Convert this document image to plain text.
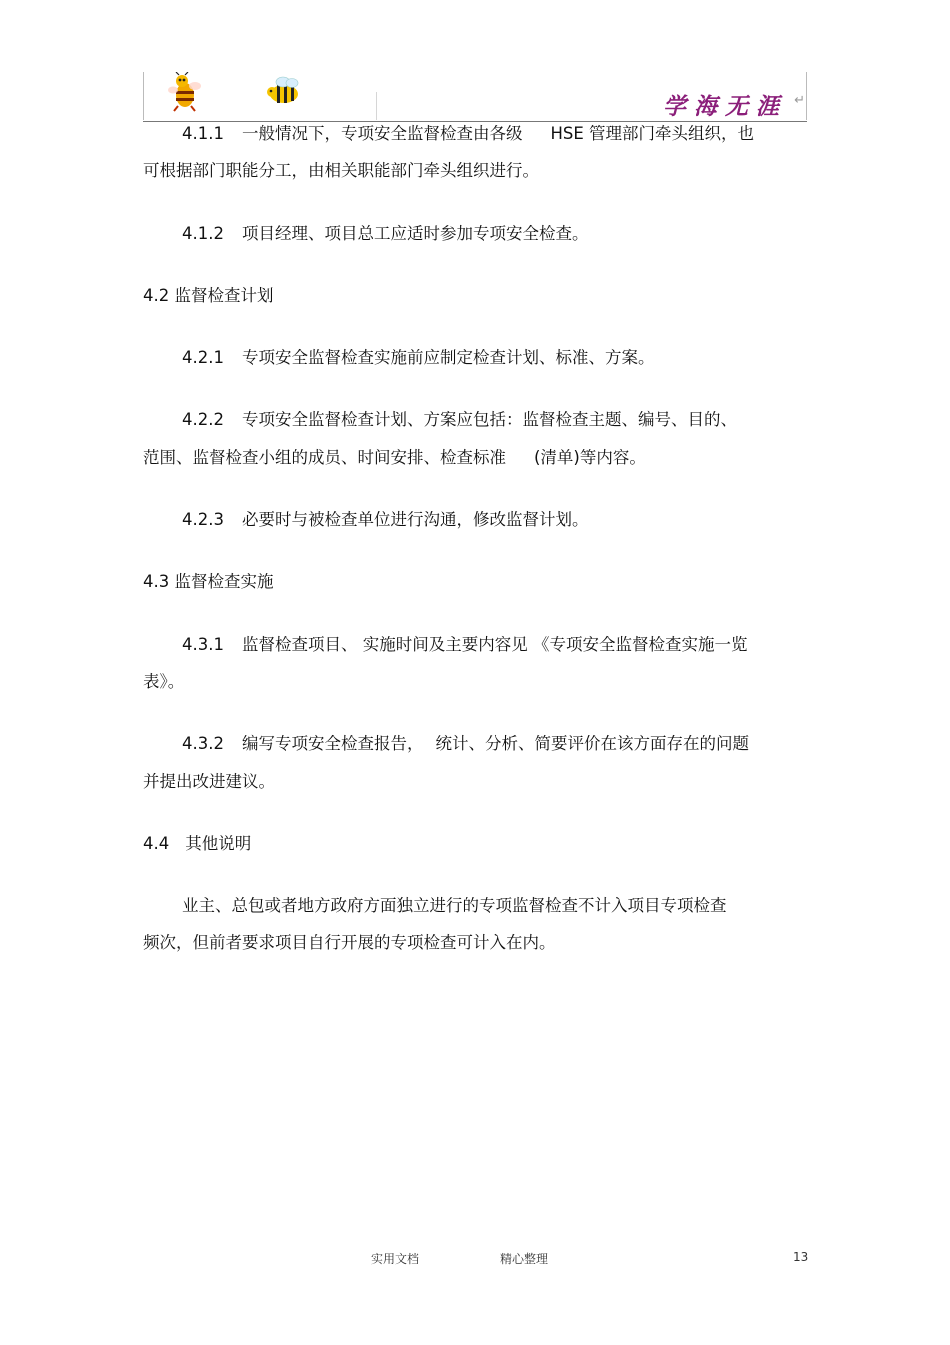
学海无涯 ↵
4.1.1 一般情况下，专项安全监督检查由各级 HSE 管理部门牵头组织，也
可根据部门职能分工，由相关职能部门牵头组织进行。
4.1.2 项目经理、项目总工应适时参加专项安全检查。
4.2 监督检查计划
4.2.1 专项安全监督检查实施前应制定检查计划、标准、方案。
4.2.2 专项安全监督检查计划、方案应包括：监督检查主题、编号、目的、
范围、监督检查小组的成员、时间安排、检查标准 (清单)等内容。
4.2.3 必要时与被检查单位进行沟通，修改监督计划。
4.3 监督检查实施
4.3.1 监督检查项目、 实施时间及主要内容见 《专项安全监督检查实施一览
表》。
4.3.2 编写专项安全检查报告， 统计、分析、简要评价在该方面存在的问题
并提出改进建议。
4.4 其他说明
业主、总包或者地方政府方面独立进行的专项监督检查不计入项目专项检查
频次，但前者要求项目自行开展的专项检查可计入在内。
实用文档	精心整理	13
